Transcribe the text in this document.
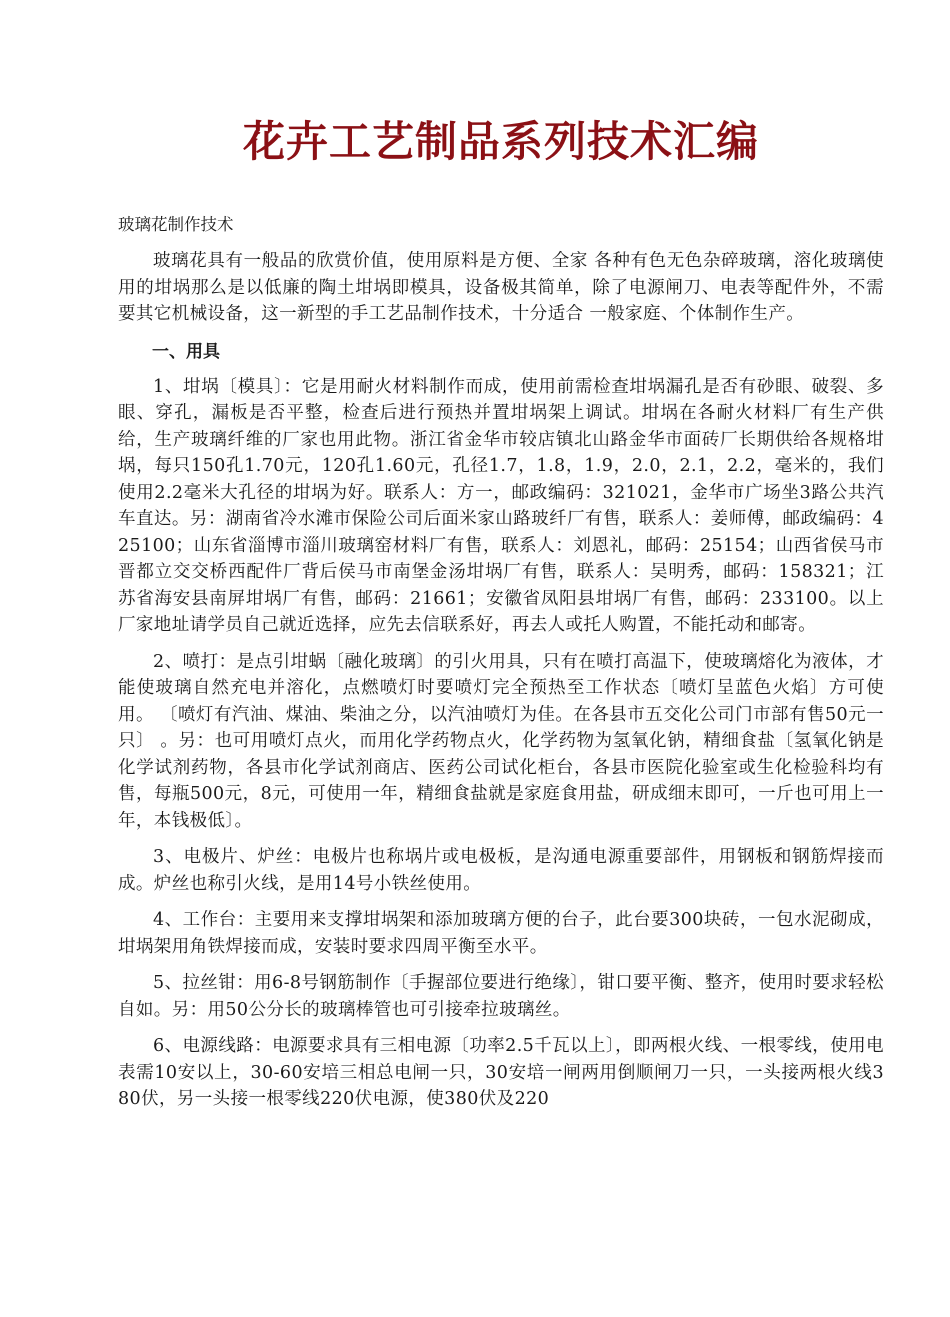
花卉工艺制品系列技术汇编
玻璃花制作技术

玻璃花具有一般品的欣赏价值，使用原料是方便、全家 各种有色无色杂碎玻璃，溶化玻璃使用的坩埚那么是以低廉的陶土坩埚即模具，设备极其简单，除了电源闸刀、电表等配件外，不需要其它机械设备，这一新型的手工艺品制作技术，十分适合 一般家庭、个体制作生产。

一、用具

1、坩埚〔模具〕：它是用耐火材料制作而成，使用前需检查坩埚漏孔是否有砂眼、破裂、多眼、穿孔，漏板是否平整，检查后进行预热并置坩埚架上调试。坩埚在各耐火材料厂有生产供给，生产玻璃纤维的厂家也用此物。浙江省金华市较店镇北山路金华市面砖厂长期供给各规格坩埚，每只150孔1.70元，120孔1.60元，孔径1.7，1.8，1.9，2.0，2.1，2.2，毫米的，我们使用2.2毫米大孔径的坩埚为好。联系人：方一，邮政编码：321021，金华市广场坐3路公共汽车直达。另：湖南省冷水滩市保险公司后面米家山路玻纤厂有售，联系人：姜师傅，邮政编码：425100；山东省淄博市淄川玻璃窑材料厂有售，联系人：刘恩礼，邮码：25154；山西省侯马市晋都立交交桥西配件厂背后侯马市南堡金汤坩埚厂有售，联系人：吴明秀，邮码：158321；江苏省海安县南屏坩埚厂有售，邮码：21661；安徽省凤阳县坩埚厂有售，邮码：233100。以上厂家地址请学员自己就近选择，应先去信联系好，再去人或托人购置，不能托动和邮寄。

2、喷打：是点引坩蜗〔融化玻璃〕的引火用具，只有在喷打高温下，使玻璃熔化为液体，才能使玻璃自然充电并溶化，点燃喷灯时要喷灯完全预热至工作状态〔喷灯呈蓝色火焰〕方可使用。 〔喷灯有汽油、煤油、柴油之分，以汽油喷灯为佳。在各县市五交化公司门市部有售50元一只〕 。另：也可用喷灯点火，而用化学药物点火，化学药物为氢氧化钠，精细食盐〔氢氧化钠是化学试剂药物，各县市化学试剂商店、医药公司试化柜台，各县市医院化验室或生化检验科均有售，每瓶500元，8元，可使用一年，精细食盐就是家庭食用盐，研成细末即可，一斤也可用上一年，本钱极低〕。

3、电极片、炉丝：电极片也称埚片或电极板，是沟通电源重要部件，用钢板和钢筋焊接而成。炉丝也称引火线，是用14号小铁丝使用。

4、工作台：主要用来支撑坩埚架和添加玻璃方便的台子，此台要300块砖，一包水泥砌成，坩埚架用角铁焊接而成，安装时要求四周平衡至水平。

5、拉丝钳：用6-8号钢筋制作〔手握部位要进行绝缘〕，钳口要平衡、整齐，使用时要求轻松自如。另：用50公分长的玻璃棒管也可引接牵拉玻璃丝。

6、电源线路：电源要求具有三相电源〔功率2.5千瓦以上〕，即两根火线、一根零线，使用电表需10安以上，30-60安培三相总电闸一只，30安培一闸两用倒顺闸刀一只，一头接两根火线380伏，另一头接一根零线220伏电源，使380伏及220
